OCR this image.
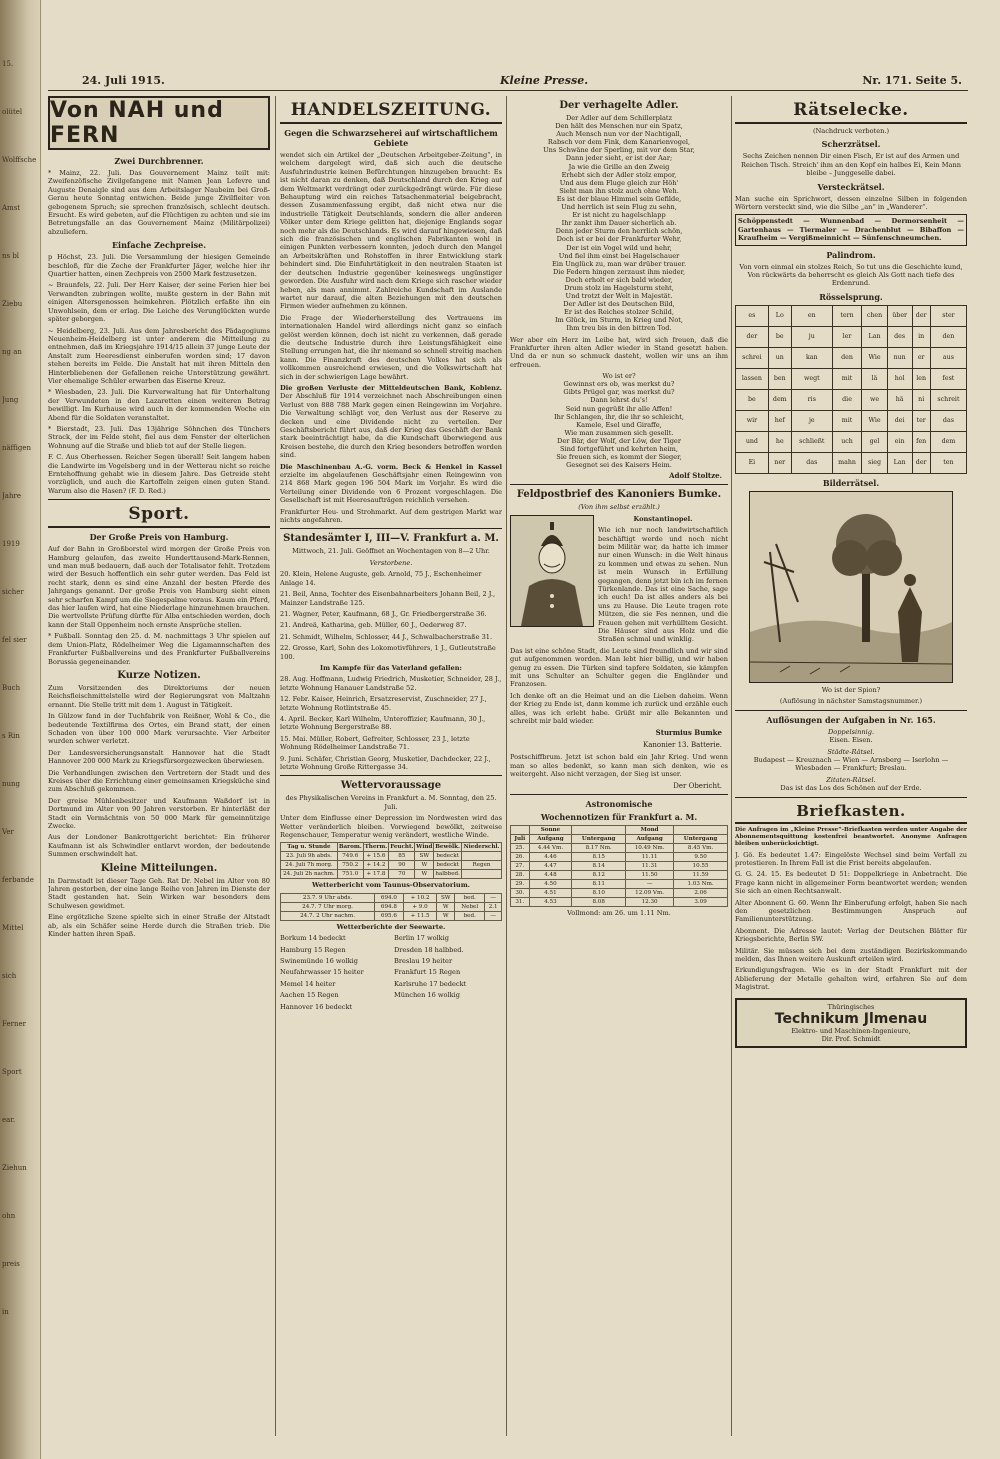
24. Juli 1915.	Kleine Presse.	Nr. 171. Seite 5.
Von NAH und FERN
Zwei Durchbrenner.

* Mainz, 22. Juli. Das Gouvernement Mainz teilt mit: Zweifenzöfische Zivilgefangene mit Namen Jean Lefevre und Auguste Denaigle sind aus dem Arbeitslager Naubeim bei Groß-Gerau heute Sonntag entwichen. Beide junge Zivilfleiter von gebogenem Spruch; sie sprechen französisch, schlecht deutsch. Ersucht. Es wird gebeten, auf die Flüchtigen zu achten und sie im Betretungsfalle an das Gouvernement Mainz (Militärpolizei) abzuliefern.

Einfache Zechpreise.

p Höchst, 23. Juli. Die Versammlung der hiesigen Gemeinde beschloß, für die Zeche der Frankfurter Jäger, welche hier ihr Quartier hatten, einen Zechpreis von 2500 Mark festzusetzen.

~ Braunfels, 22. Juli. Der Herr Kaiser, der seine Ferien hier bei Verwandten zubringen wollte, mußte gestern in der Bahn mit einigen Altersgenossen heimkehren. Plötzlich erfaßte ihn ein Unwohlsein, dem er erlag. Die Leiche des Verunglückten wurde später geborgen.

~ Heidelberg, 23. Juli. Aus dem Jahresbericht des Pädagogiums Neuenheim-Heidelberg ist unter anderem die Mitteilung zu entnehmen, daß im Kriegsjahre 1914/15 allein 37 junge Leute der Anstalt zum Heeresdienst einberufen worden sind; 17 davon stehen bereits im Felde. Die Anstalt hat mit ihren Mitteln den Hinterbliebenen der Gefallenen reiche Unterstützung gewährt. Vier ehemalige Schüler erwarben das Eiserne Kreuz.

* Wiesbaden, 23. Juli. Die Kurverwaltung hat für Unterhaltung der Verwundeten in den Lazaretten einen weiteren Betrag bewilligt. Im Kurhause wird auch in der kommenden Woche ein Abend für die Soldaten veranstaltet.

* Bierstadt, 23. Juli. Das 13jährige Söhnchen des Tünchers Strack, der im Felde steht, fiel aus dem Fenster der elterlichen Wohnung auf die Straße und blieb tot auf der Stelle liegen.

F. C. Aus Oberhessen. Reicher Segen überall! Seit langem haben die Landwirte im Vogelsberg und in der Wetterau nicht so reiche Erntehoffnung gehabt wie in diesem Jahre. Das Getreide steht vorzüglich, und auch die Kartoffeln zeigen einen guten Stand. Warum also die Hasen? (F. D. Red.)

Sport.
Der Große Preis von Hamburg.

Auf der Bahn in Großborstel wird morgen der Große Preis von Hamburg gelaufen, das zweite Hunderttausend-Mark-Rennen, und man muß bedauern, daß auch der Totalisator fehlt. Trotzdem wird der Besuch hoffentlich ein sehr guter werden. Das Feld ist recht stark, denn es sind eine Anzahl der besten Pferde des Jahrgangs genannt. Der große Preis von Hamburg sieht einen sehr scharfen Kampf um die Siegespalme voraus. Kaum ein Pferd, das hier laufen wird, hat eine Niederlage hinzunehmen brauchen. Die wertvollste Prüfung dürfte für Alba entschieden werden, doch kann der Stall Oppenheim noch ernste Ansprüche stellen.

* Fußball. Sonntag den 25. d. M. nachmittags 3 Uhr spielen auf dem Union-Platz, Rödelheimer Weg die Ligamannschaften des Frankfurter Fußballvereins und des Frankfurter Fußballvereins Borussia gegeneinander.

Kurze Notizen.

Zum Vorsitzenden des Direktoriums der neuen Reichsfleischmittelstelle wird der Regierungsrat von Maltzahn ernannt. Die Stelle tritt mit dem 1. August in Tätigkeit.

In Gülzow fand in der Tuchfabrik von Reißner, Wohl & Co., die bedeutende Textilfirma des Ortes, ein Brand statt, der einen Schaden von über 100 000 Mark verursachte. Vier Arbeiter wurden schwer verletzt.

Der Landesversicherungsanstalt Hannover hat die Stadt Hannover 200 000 Mark zu Kriegsfürsorgezwecken überwiesen.

Die Verhandlungen zwischen den Vertretern der Stadt und des Kreises über die Errichtung einer gemeinsamen Kriegsküche sind zum Abschluß gekommen.

Der greise Mühlenbesitzer und Kaufmann Waßdorf ist in Dortmund im Alter von 90 Jahren verstorben. Er hinterläßt der Stadt ein Vermächtnis von 50 000 Mark für gemeinnützige Zwecke.

Aus der Londoner Bankrottgericht berichtet: Ein früherer Kaufmann ist als Schwindler entlarvt worden, der bedeutende Summen erschwindelt hat.

Kleine Mitteilungen.

In Darmstadt ist dieser Tage Geh. Rat Dr. Nebel im Alter von 80 Jahren gestorben, der eine lange Reihe von Jahren im Dienste der Stadt gestanden hat. Sein Wirken war besonders dem Schulwesen gewidmet.

Eine ergötzliche Szene spielte sich in einer Straße der Altstadt ab, als ein Schäfer seine Herde durch die Straßen trieb. Die Kinder hatten ihren Spaß.

HANDELSZEITUNG.
Gegen die Schwarzseherei auf wirtschaftlichem Gebiete

wendet sich ein Artikel der „Deutschen Arbeitgeber-Zeitung“, in welchem dargelegt wird, daß sich auch die deutsche Ausfuhrindustrie keinen Befürchtungen hinzugeben braucht: Es ist nicht daran zu denken, daß Deutschland durch den Krieg auf dem Weltmarkt verdrängt oder zurückgedrängt würde. Für diese Behauptung wird ein reiches Tatsachenmaterial beigebracht, dessen Zusammenfassung ergibt, daß nicht etwa nur die industrielle Tätigkeit Deutschlands, sondern die aller anderen Völker unter dem Kriege gelitten hat, diejenige Englands sogar noch mehr als die Deutschlands. Es wird darauf hingewiesen, daß sich die französischen und englischen Fabrikanten wohl in einigen Punkten verbessern konnten, jedoch durch den Mangel an Arbeitskräften und Rohstoffen in ihrer Entwicklung stark behindert sind. Die Einfuhrtätigkeit in den neutralen Staaten ist der deutschen Industrie gegenüber keineswegs ungünstiger geworden. Die Ausfuhr wird nach dem Kriege sich rascher wieder heben, als man annimmt. Zahlreiche Kundschaft im Auslande wartet nur darauf, die alten Beziehungen mit den deutschen Firmen wieder aufnehmen zu können.

Die Frage der Wiederherstellung des Vertrauens im internationalen Handel wird allerdings nicht ganz so einfach gelöst werden können, doch ist nicht zu verkennen, daß gerade die deutsche Industrie durch ihre Leistungsfähigkeit eine Stellung errungen hat, die ihr niemand so schnell streitig machen kann. Die Finanzkraft des deutschen Volkes hat sich als vollkommen ausreichend erwiesen, und die Volkswirtschaft hat sich in der schwierigen Lage bewährt.

Die großen Verluste der Mitteldeutschen Bank, Koblenz. Der Abschluß für 1914 verzeichnet nach Abschreibungen einen Verlust von 888 788 Mark gegen einen Reingewinn im Vorjahre. Die Verwaltung schlägt vor, den Verlust aus der Reserve zu decken und eine Dividende nicht zu verteilen. Der Geschäftsbericht führt aus, daß der Krieg das Geschäft der Bank stark beeinträchtigt habe, da die Kundschaft überwiegend aus Kreisen bestehe, die durch den Krieg besonders betroffen worden sind.

Die Maschinenbau A.-G. vorm. Beck & Henkel in Kassel erzielte im abgelaufenen Geschäftsjahr einen Reingewinn von 214 868 Mark gegen 196 504 Mark im Vorjahr. Es wird die Verteilung einer Dividende von 6 Prozent vorgeschlagen. Die Gesellschaft ist mit Heeresaufträgen reichlich versehen.

Frankfurter Heu- und Strohmarkt. Auf dem gestrigen Markt war nichts angefahren.

Standesämter I, III—V. Frankfurt a. M.

Mittwoch, 21. Juli. Geöffnet an Wochentagen von 8—2 Uhr.

Verstorbene.

20. Klein, Helene Auguste, geb. Arnold, 75 J., Eschenheimer Anlage 14.

21. Beil, Anna, Tochter des Eisenbahnarbeiters Johann Beil, 2 J., Mainzer Landstraße 125.

21. Wagner, Peter, Kaufmann, 68 J., Gr. Friedbergerstraße 36.

21. Andreä, Katharina, geb. Müller, 60 J., Oederweg 87.

21. Schmidt, Wilhelm, Schlosser, 44 J., Schwalbacherstraße 31.

22. Grosse, Karl, Sohn des Lokomotivführers, 1 J., Gutleutstraße 100.

Im Kampfe für das Vaterland gefallen:

28. Aug. Hoffmann, Ludwig Friedrich, Musketier, Schneider, 28 J., letzte Wohnung Hanauer Landstraße 52.

12. Febr. Kaiser, Heinrich, Ersatzreservist, Zuschneider, 27 J., letzte Wohnung Rotlintstraße 45.

4. April. Becker, Karl Wilhelm, Unteroffizier, Kaufmann, 30 J., letzte Wohnung Bergerstraße 88.

15. Mai. Müller, Robert, Gefreiter, Schlosser, 23 J., letzte Wohnung Rödelheimer Landstraße 71.

9. Juni. Schäfer, Christian Georg, Musketier, Dachdecker, 22 J., letzte Wohnung Große Rittergasse 34.

Wettervoraussage

des Physikalischen Vereins in Frankfurt a. M. Sonntag, den 25. Juli.

Unter dem Einflusse einer Depression im Nordwesten wird das Wetter veränderlich bleiben. Vorwiegend bewölkt, zeitweise Regenschauer, Temperatur wenig verändert, westliche Winde.

Tag u. Stunde	Barom.	Therm.	Feucht.	Wind	Bewölk.	Niederschl.
23. Juli 9h abds.	749.6	+ 15.6	85	SW	bedeckt	
24. Juli 7h morg.	750.2	+ 14.2	90	W	bedeckt	Regen
24. Juli 2h nachm.	751.0	+ 17.8	70	W	halbbed.	

Wetterbericht vom Taunus-Observatorium.

23.7. 9 Uhr abds.	694.0	+ 10.2	SW	bed.	—
24.7. 7 Uhr morg.	694.8	+ 9.0	W	Nebel	2.1
24.7. 2 Uhr nachm.	695.6	+ 11.5	W	bed.	—

Wetterberichte der Seewarte.

Borkum 14 bedeckt

Hamburg 15 Regen

Swinemünde 16 wolkig

Neufahrwasser 15 heiter

Memel 14 heiter

Aachen 15 Regen

Hannover 16 bedeckt

Berlin 17 wolkig

Dresden 18 halbbed.

Breslau 19 heiter

Frankfurt 15 Regen

Karlsruhe 17 bedeckt

München 16 wolkig

Der verhagelte Adler.

Der Adler auf dem Schillerplatz

Den hält des Menschen nur ein Spatz,

Auch Mensch nun vor der Nachtigall,

Rabsch vor dem Fink, dem Kanarienvogel,

Uns Schwäne der Sperling, mit vor dem Star,

Dann jeder sieht, er ist der Aar;

Ja wie die Grille an den Zweig

Erhebt sich der Adler stolz empor,

Und aus dem Fluge gleich zur Höh'

Sieht man ihn stolz auch ohne Weh.

Es ist der blaue Himmel sein Gefilde,

Und herrlich ist sein Flug zu sehn,

Er ist nicht zu hagelschlapp

Ihr zankt ihm Dauer sicherlich ab.

Denn jeder Sturm den herrlich schön,

Doch ist er bei der Frankfurter Wehr,

Der ist ein Vogel wild und hehr,

Und fiel ihm einst bei Hagelschauer

Ein Unglück zu, man war drüber trauer.

Die Federn hingen zerzaust ihm nieder,

Doch erholt er sich bald wieder,

Drum stolz im Hagelsturm steht,

Und trotzt der Welt in Majestät.

Der Adler ist des Deutschen Bild,

Er ist des Reiches stolzer Schild,

Im Glück, im Sturm, in Krieg und Not,

Ihm treu bis in den bittren Tod.

Wer aber ein Herz im Leibe hat, wird sich freuen, daß die Frankfurter ihren alten Adler wieder in Stand gesetzt haben. Und da er nun so schmuck dasteht, wollen wir uns an ihm erfreuen.

Wo ist er?

Gewinnst ers ob, was merkst du?

Gibts Prügel gar, was merkst du?

Dann lehrst du's!

Seid nun gegrüßt ihr alle Affen!

Ihr Schlangen, ihr, die ihr so schleicht,

Kamele, Esel und Giraffe,

Wie man zusammen sich gesellt.

Der Bär, der Wolf, der Löw, der Tiger

Sind fortgeführt und kehrten heim,

Sie freuen sich, es kommt der Sieger,

Gesegnet sei des Kaisers Heim.

Adolf Stoltze.
Feldpostbrief des Kanoniers Bumke.

(Von ihm selbst erzählt.)

Konstantinopel.

Wie ich nur noch landwirtschaftlich beschäftigt werde und noch nicht beim Militär war, da hatte ich immer nur einen Wunsch: in die Welt hinaus zu kommen und etwas zu sehen. Nun ist mein Wunsch in Erfüllung gegangen, denn jetzt bin ich im fernen Türkenlande. Das ist eine Sache, sage ich euch! Da ist alles anders als bei uns zu Hause. Die Leute tragen rote Mützen, die sie Fes nennen, und die Frauen gehen mit verhülltem Gesicht. Die Häuser sind aus Holz und die Straßen schmal und winklig.

Das ist eine schöne Stadt, die Leute sind freundlich und wir sind gut aufgenommen worden. Man lebt hier billig, und wir haben genug zu essen. Die Türken sind tapfere Soldaten, sie kämpfen mit uns Schulter an Schulter gegen die Engländer und Franzosen.

Ich denke oft an die Heimat und an die Lieben daheim. Wenn der Krieg zu Ende ist, dann komme ich zurück und erzähle euch alles, was ich erlebt habe. Grüßt mir alle Bekannten und schreibt mir bald wieder.

Sturmius Bumke
Kanonier 13. Batterie.

Postschiffbrum. Jetzt ist schon bald ein Jahr Krieg. Und wenn man so alles bedenkt, so kann man sich denken, wie es weitergeht. Also nicht verzagen, der Sieg ist unser.

Der Obericht.
Astronomische
Wochennotizen für Frankfurt a. M.
	Sonne		Mond	
Juli	Aufgang	Untergang	Aufgang	Untergang
25.	4.44 Vm.	8.17 Nm.	10.49 Nm.	8.45 Vm.
26.	4.46	8.15	11.11	9.50
27.	4.47	8.14	11.31	10.55
28.	4.48	8.12	11.50	11.59
29.	4.50	8.11	—	1.03 Nm.
30.	4.51	8.10	12.09 Vm.	2.06
31.	4.53	8.08	12.30	3.09

Vollmond: am 26. um 1.11 Nm.

Rätselecke.

(Nachdruck verboten.)

Scherzrätsel.

Sechs Zeichen nennen Dir einen Fisch, Er ist auf des Armen und Reichen Tisch. Streich' ihm an den Kopf ein halbes Ei, Kein Mann bleibe – Junggeselle dabei.

Versteckrätsel.

Man suche ein Sprichwort, dessen einzelne Silben in folgenden Wörtern versteckt sind, wie die Silbe „an“ in „Wanderer“.

Schöppenstedt — Wunnenbad — Dermorsenheit — Gartenhaus — Tiermaler — Drachenblut — Bibaffon — Kraufheim — Vergißmeinnicht — Sünfenschneumchen.

Palindrom.

Von vorn einmal ein stolzes Reich, So tut uns die Geschichte kund, Von rückwärts da beherrscht es gleich Als Gott nach tiefe des Erdenrund.

Rösselsprung.
es	Lo	en	tern	chen	über	der	ster
der	be	ju	ler	Lan	des	in	den
schrei	un	kan	den	Wie	nun	er	aus
lassen	ben	wegt	mit	lä	hol	len	fest
be	dem	ris	die	we	hä	ni	schreit
wir	hef	je	mit	Wie	dei	ter	das
und	he	schließt	uch	gel	ein	fen	dem
Ei	ner	das	mahn	sieg	Lan	der	ten
Bilderrätsel.

Wo ist der Spion?

(Auflösung in nächster Samstagsnummer.)

Auflösungen der Aufgaben in Nr. 165.

Doppelsinnig.

Eisen. Eisen.

Städte-Rätsel.

Budapest — Kreuznach — Wien — Arnsberg — Iserlohn — Wiesbaden — Frankfurt; Breslau.

Zitaten-Rätsel.

Das ist das Los des Schönen auf der Erde.

Briefkasten.

Die Anfragen im „Kleine Presse“-Briefkasten werden unter Angabe der Abonnementsquittung kostenfrei beantwortet. Anonyme Anfragen bleiben unberücksichtigt.

J. Gö. Es bedeutet 1.47: Eingelöste Wechsel sind beim Verfall zu protestieren. In Ihrem Fall ist die Frist bereits abgelaufen.

G. G. 24. 15. Es bedeutet D 51: Doppelkriege in Anbetracht. Die Frage kann nicht in allgemeiner Form beantwortet werden; wenden Sie sich an einen Rechtsanwalt.

Alter Abonnent G. 60. Wenn Ihr Einberufung erfolgt, haben Sie nach den gesetzlichen Bestimmungen Anspruch auf Familienunterstützung.

Abonnent. Die Adresse lautet: Verlag der Deutschen Blätter für Kriegsberichte, Berlin SW.

Militär. Sie müssen sich bei dem zuständigen Bezirkskommando melden, das Ihnen weitere Auskunft erteilen wird.

Erkundigungsfragen. Wie es in der Stadt Frankfurt mit der Ablieferung der Metalle gehalten wird, erfahren Sie auf dem Magistrat.

Thüringisches
Technikum Jlmenau
Elektro- und Maschinen-Ingenieure,
Dir. Prof. Schmidt
15.
olütel
Wolffsche
Amst
ns bl
Ziebu
ng an
Jung
näffigen
Jahre
1919
sicher
fel sier
Buch
s Rin
nung
Ver
ferbande
Mittel
sich
Ferner
Sport
ear.
Ziehun
ohn
preis
in
